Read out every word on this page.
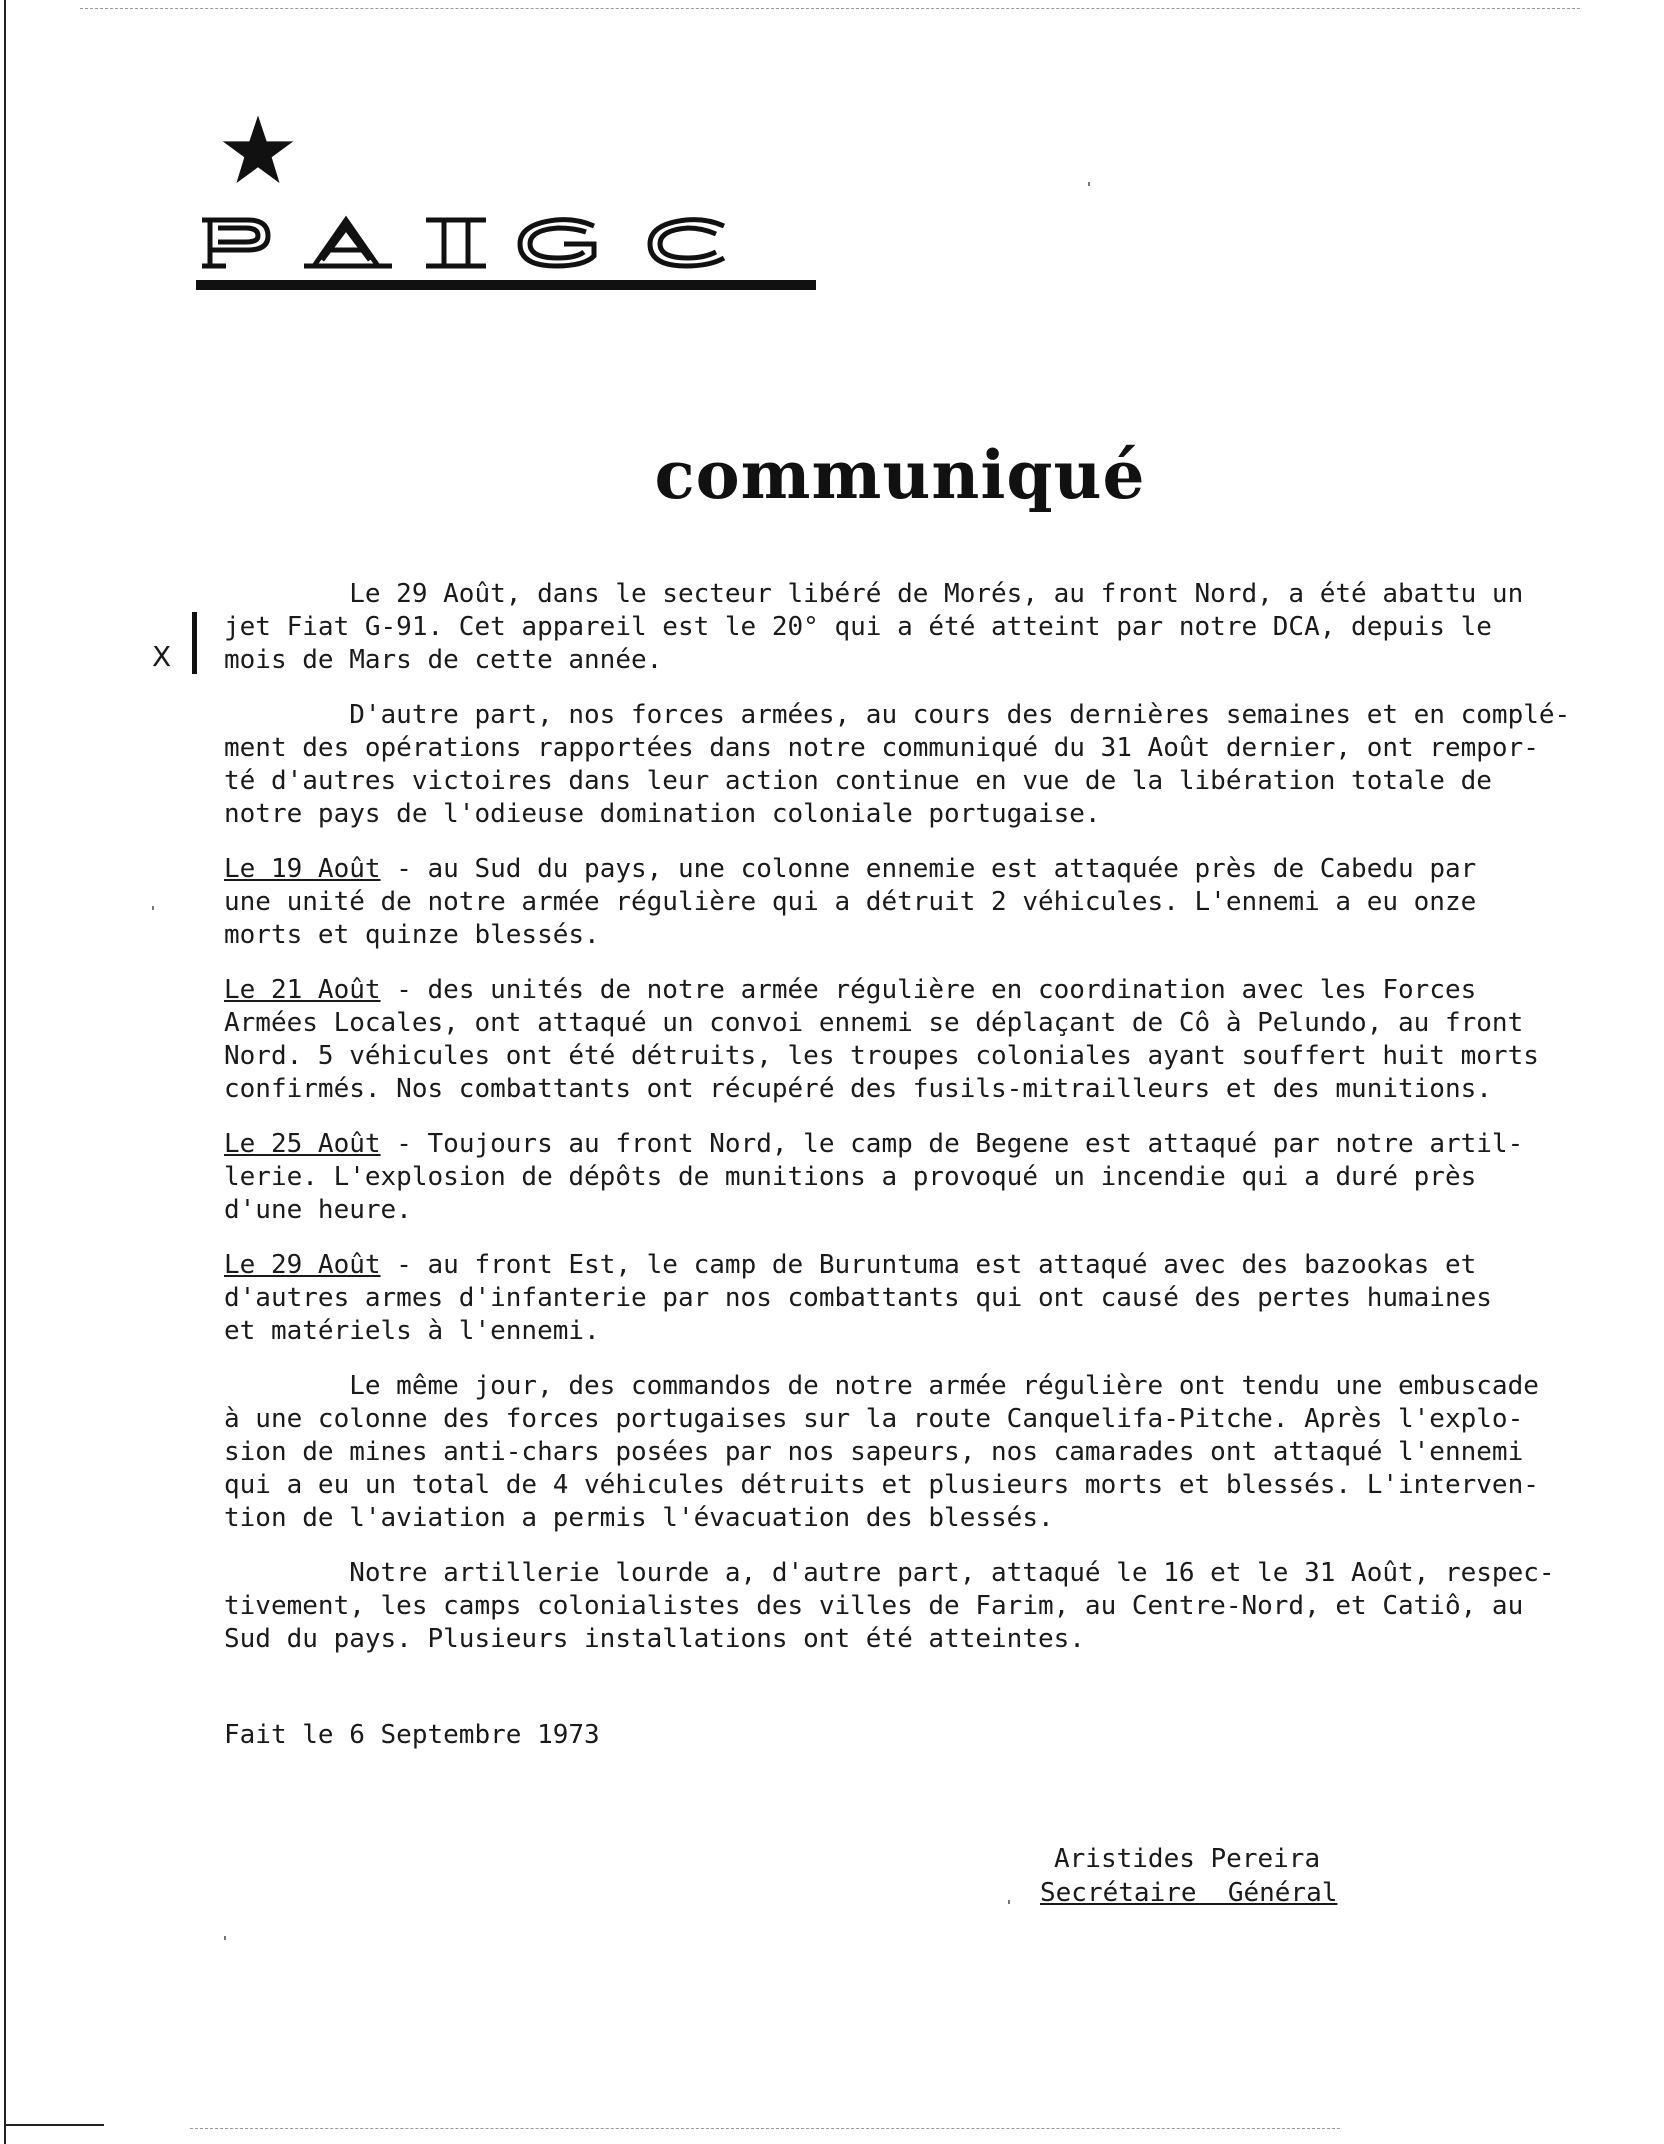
communiqué
X
Le 29 Août, dans le secteur libéré de Morés, au front Nord, a été abattu un
jet Fiat G-91. Cet appareil est le 20° qui a été atteint par notre DCA, depuis le
mois de Mars de cette année.
D'autre part, nos forces armées, au cours des dernières semaines et en complé-
ment des opérations rapportées dans notre communiqué du 31 Août dernier, ont rempor-
té d'autres victoires dans leur action continue en vue de la libération totale de
notre pays de l'odieuse domination coloniale portugaise.
Le 19 Août - au Sud du pays, une colonne ennemie est attaquée près de Cabedu par
une unité de notre armée régulière qui a détruit 2 véhicules. L'ennemi a eu onze
morts et quinze blessés.
Le 21 Août - des unités de notre armée régulière en coordination avec les Forces
Armées Locales, ont attaqué un convoi ennemi se déplaçant de Cô à Pelundo, au front
Nord. 5 véhicules ont été détruits, les troupes coloniales ayant souffert huit morts
confirmés. Nos combattants ont récupéré des fusils-mitrailleurs et des munitions.
Le 25 Août - Toujours au front Nord, le camp de Begene est attaqué par notre artil-
lerie. L'explosion de dépôts de munitions a provoqué un incendie qui a duré près
d'une heure.
Le 29 Août - au front Est, le camp de Buruntuma est attaqué avec des bazookas et
d'autres armes d'infanterie par nos combattants qui ont causé des pertes humaines
et matériels à l'ennemi.
Le même jour, des commandos de notre armée régulière ont tendu une embuscade
à une colonne des forces portugaises sur la route Canquelifa-Pitche. Après l'explo-
sion de mines anti-chars posées par nos sapeurs, nos camarades ont attaqué l'ennemi
qui a eu un total de 4 véhicules détruits et plusieurs morts et blessés. L'interven-
tion de l'aviation a permis l'évacuation des blessés.
Notre artillerie lourde a, d'autre part, attaqué le 16 et le 31 Août, respec-
tivement, les camps colonialistes des villes de Farim, au Centre-Nord, et Catiô, au
Sud du pays. Plusieurs installations ont été atteintes.
Fait le 6 Septembre 1973
Aristides Pereira
Secrétaire  Général
